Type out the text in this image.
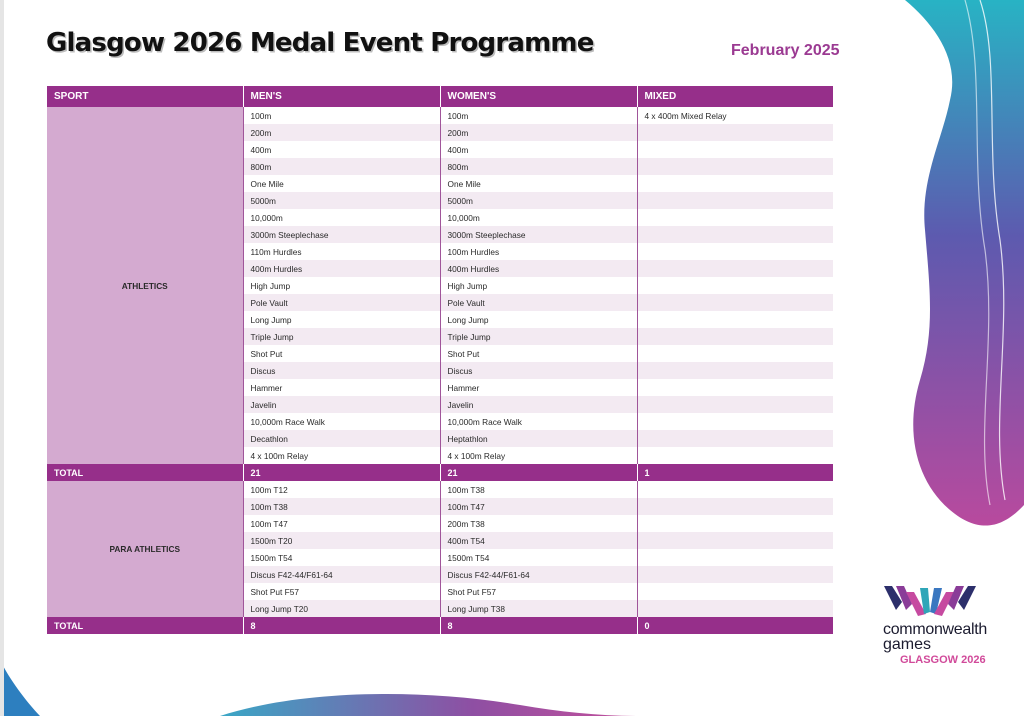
Glasgow 2026 Medal Event Programme	February 2025
SPORT	MEN'S	WOMEN'S	MIXED
ATHLETICS	100m	100m	4 x 400m Mixed Relay
	200m	200m	
	400m	400m	
	800m	800m	
	One Mile	One Mile	
	5000m	5000m	
	10,000m	10,000m	
	3000m Steeplechase	3000m Steeplechase	
	110m Hurdles	100m Hurdles	
	400m Hurdles	400m Hurdles	
	High Jump	High Jump	
	Pole Vault	Pole Vault	
	Long Jump	Long Jump	
	Triple Jump	Triple Jump	
	Shot Put	Shot Put	
	Discus	Discus	
	Hammer	Hammer	
	Javelin	Javelin	
	10,000m Race Walk	10,000m Race Walk	
	Decathlon	Heptathlon	
	4 x 100m Relay	4 x 100m Relay	
TOTAL	21	21	1
PARA ATHLETICS	100m T12	100m T38	
	100m T38	100m T47	
	100m T47	200m T38	
	1500m T20	400m T54	
	1500m T54	1500m T54	
	Discus F42-44/F61-64	Discus F42-44/F61-64	
	Shot Put F57	Shot Put F57	
	Long Jump T20	Long Jump T38	
TOTAL	8	8	0	commonwealth
games
GLASGOW 2026
